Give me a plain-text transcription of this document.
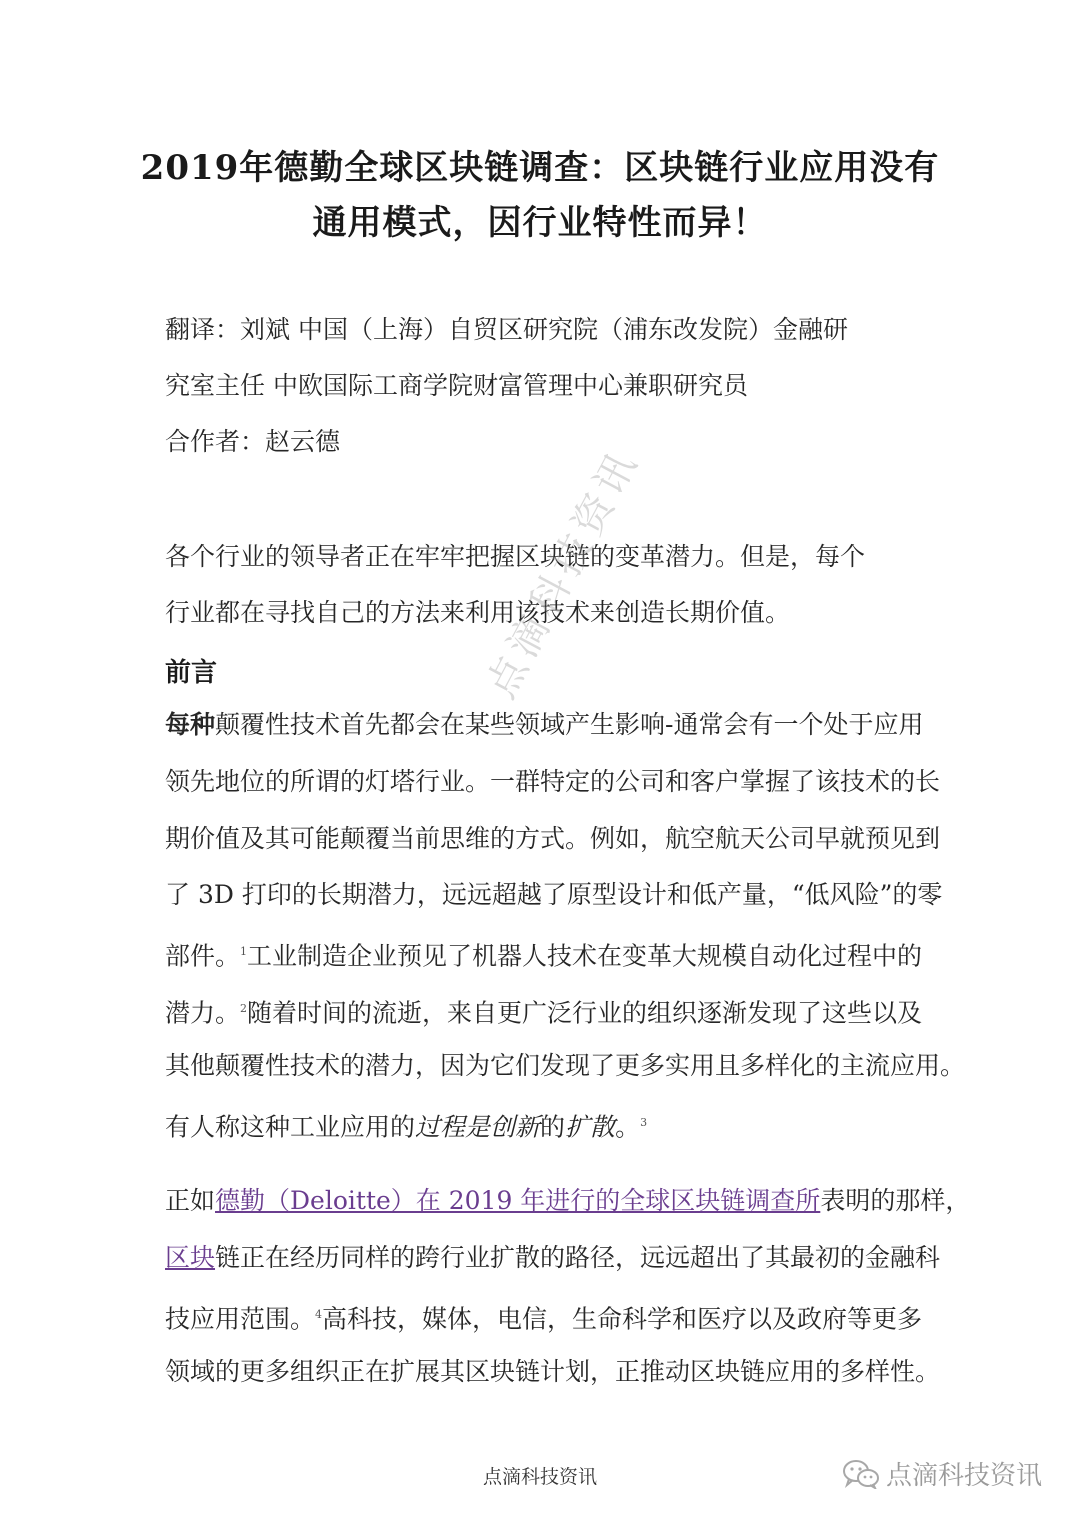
2019年德勤全球区块链调查：区块链行业应用没有
通用模式，因行业特性而异！
翻译：刘斌 中国（上海）自贸区研究院（浦东改发院）金融研
究室主任 中欧国际工商学院财富管理中心兼职研究员
合作者：赵云德
各个行业的领导者正在牢牢把握区块链的变革潜力。但是，每个
行业都在寻找自己的方法来利用该技术来创造长期价值。
前言
每种颠覆性技术首先都会在某些领域产生影响-通常会有一个处于应用
领先地位的所谓的灯塔行业。一群特定的公司和客户掌握了该技术的长
期价值及其可能颠覆当前思维的方式。例如，航空航天公司早就预见到
了 3D 打印的长期潜力，远远超越了原型设计和低产量，“低风险”的零
部件。$^1$工业制造企业预见了机器人技术在变革大规模自动化过程中的
潜力。$^2$随着时间的流逝，来自更广泛行业的组织逐渐发现了这些以及
其他颠覆性技术的潜力，因为它们发现了更多实用且多样化的主流应用。
有人称这种工业应用的过程是创新的扩散。$^3$
正如德勤（Deloitte）在 2019 年进行的全球区块链调查所表明的那样，
区块链正在经历同样的跨行业扩散的路径，远远超出了其最初的金融科
技应用范围。$^4$高科技，媒体，电信，生命科学和医疗以及政府等更多
领域的更多组织正在扩展其区块链计划，正推动区块链应用的多样性。
点滴科技资讯
点滴科技资讯	点滴科技资讯
